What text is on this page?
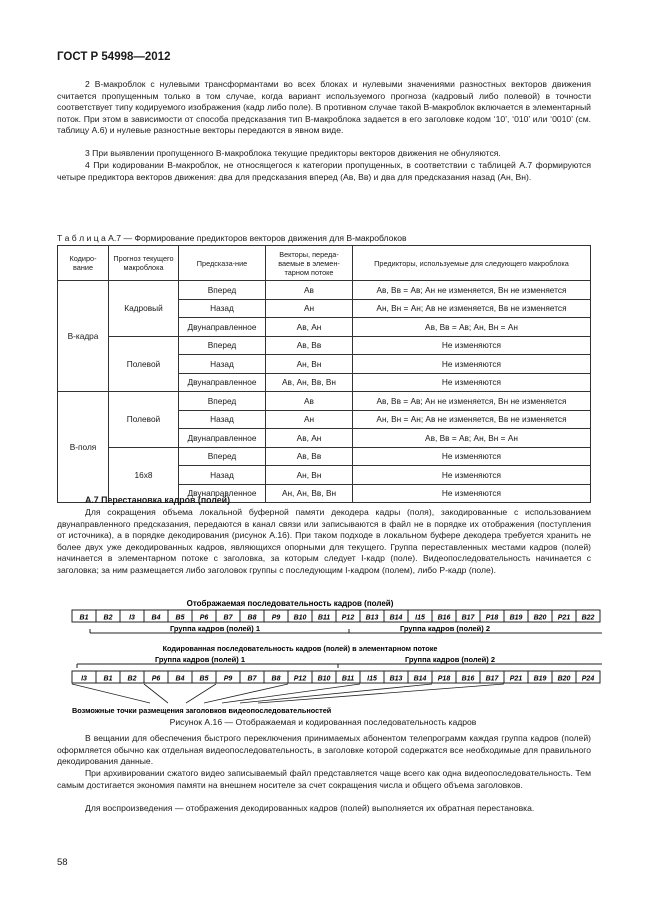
ГОСТ Р 54998—2012
2 B-макроблок с нулевыми трансформантами во всех блоках и нулевыми значениями разностных векторов движения считается пропущенным только в том случае, когда вариант используемого прогноза (кадровый либо полевой) в точности соответствует типу кодируемого изображения (кадр либо поле). В противном случае такой B-макроблок включается в элементарный поток. При этом в зависимости от способа предсказания тип B-макроблока задается в его заголовке кодом ‘10’, ‘010’ или ‘0010’ (см. таблицу А.6) и нулевые разностные векторы передаются в явном виде.
3 При выявлении пропущенного B-макроблока текущие предикторы векторов движения не обнуляются.
4 При кодировании B-макроблок, не относящегося к категории пропущенных, в соответствии с таблицей А.7 формируются четыре предиктора векторов движения: два для предсказания вперед (Ав, Вв) и два для предсказания назад (Ан, Вн).
Т а б л и ц а А.7 — Формирование предикторов векторов движения для B-макроблоков
Кодиро-вание	Прогноз текущего макроблока	Предсказа-ние	Векторы, переда-ваемые в элемен-тарном потоке	Предикторы, используемые для следующего макроблока
B-кадра	Кадровый	Вперед	Ав	Ав, Вв = Ав; Ан не изменяется, Вн не изменяется
		Назад	Ан	Ан, Вн = Ан; Ав не изменяется, Вв не изменяется
		Двунаправленное	Ав, Ан	Ав, Вв = Ав; Ан, Вн = Ан
	Полевой	Вперед	Ав, Вв	Не изменяются
		Назад	Ан, Вн	Не изменяются
		Двунаправленное	Ав, Ан, Вв, Вн	Не изменяются
B-поля	Полевой	Вперед	Ав	Ав, Вв = Ав; Ан не изменяется, Вн не изменяется
		Назад	Ан	Ан, Вн = Ан; Ав не изменяется, Вв не изменяется
		Двунаправленное	Ав, Ан	Ав, Вв = Ав; Ан, Вн = Ан
	16x8	Вперед	Ав, Вв	Не изменяются
		Назад	Ан, Вн	Не изменяются
		Двунаправленное	Ан, Ан, Вв, Вн	Не изменяются
А.7 Перестановка кадров (полей)
Для сокращения объема локальной буферной памяти декодера кадры (поля), закодированные с использованием двунаправленного предсказания, передаются в канал связи или записываются в файл не в порядке их отображения (поступления от источника), а в порядке декодирования (рисунок А.16). При таком подходе в локальном буфере декодера требуется хранить не более двух уже декодированных кадров, являющихся опорными для текущего. Группа переставленных местами кадров (полей) начинается в элементарном потоке с заголовка, за которым следует I-кадр (поле). Видеопоследовательность начинается с заголовка; за ним размещается либо заголовок группы с последующим I-кадром (полем), либо P-кадр (поле).
Отображаемая последовательность кадров (полей)
B1 B2 I3 B4 B5 P6 B7 B8 P9 B10 B11 P12 B13 B14 I15 B16 B17 P18 B19 B20 P21 B22
Группа кадров (полей) 1	Группа кадров (полей) 2
Кодированная последовательность кадров (полей) в элементарном потоке
Группа кадров (полей) 1	Группа кадров (полей) 2
I3 B1 B2 P6 B4 B5 P9 B7 B8 P12 B10 B11 I15 B13 B14 P18 B16 B17 P21 B19 B20 P24
Возможные точки размещения заголовков видеопоследовательностей
Рисунок А.16 — Отображаемая и кодированная последовательность кадров
В вещании для обеспечения быстрого переключения принимаемых абонентом телепрограмм каждая группа кадров (полей) оформляется обычно как отдельная видеопоследовательность, в заголовке которой содержатся все необходимые для правильного декодирования данные.
При архивировании сжатого видео записываемый файл представляется чаще всего как одна видеопоследовательность. Тем самым достигается экономия памяти на внешнем носителе за счет сокращения числа и общего объема заголовков.
Для воспроизведения — отображения декодированных кадров (полей) выполняется их обратная перестановка.
58
